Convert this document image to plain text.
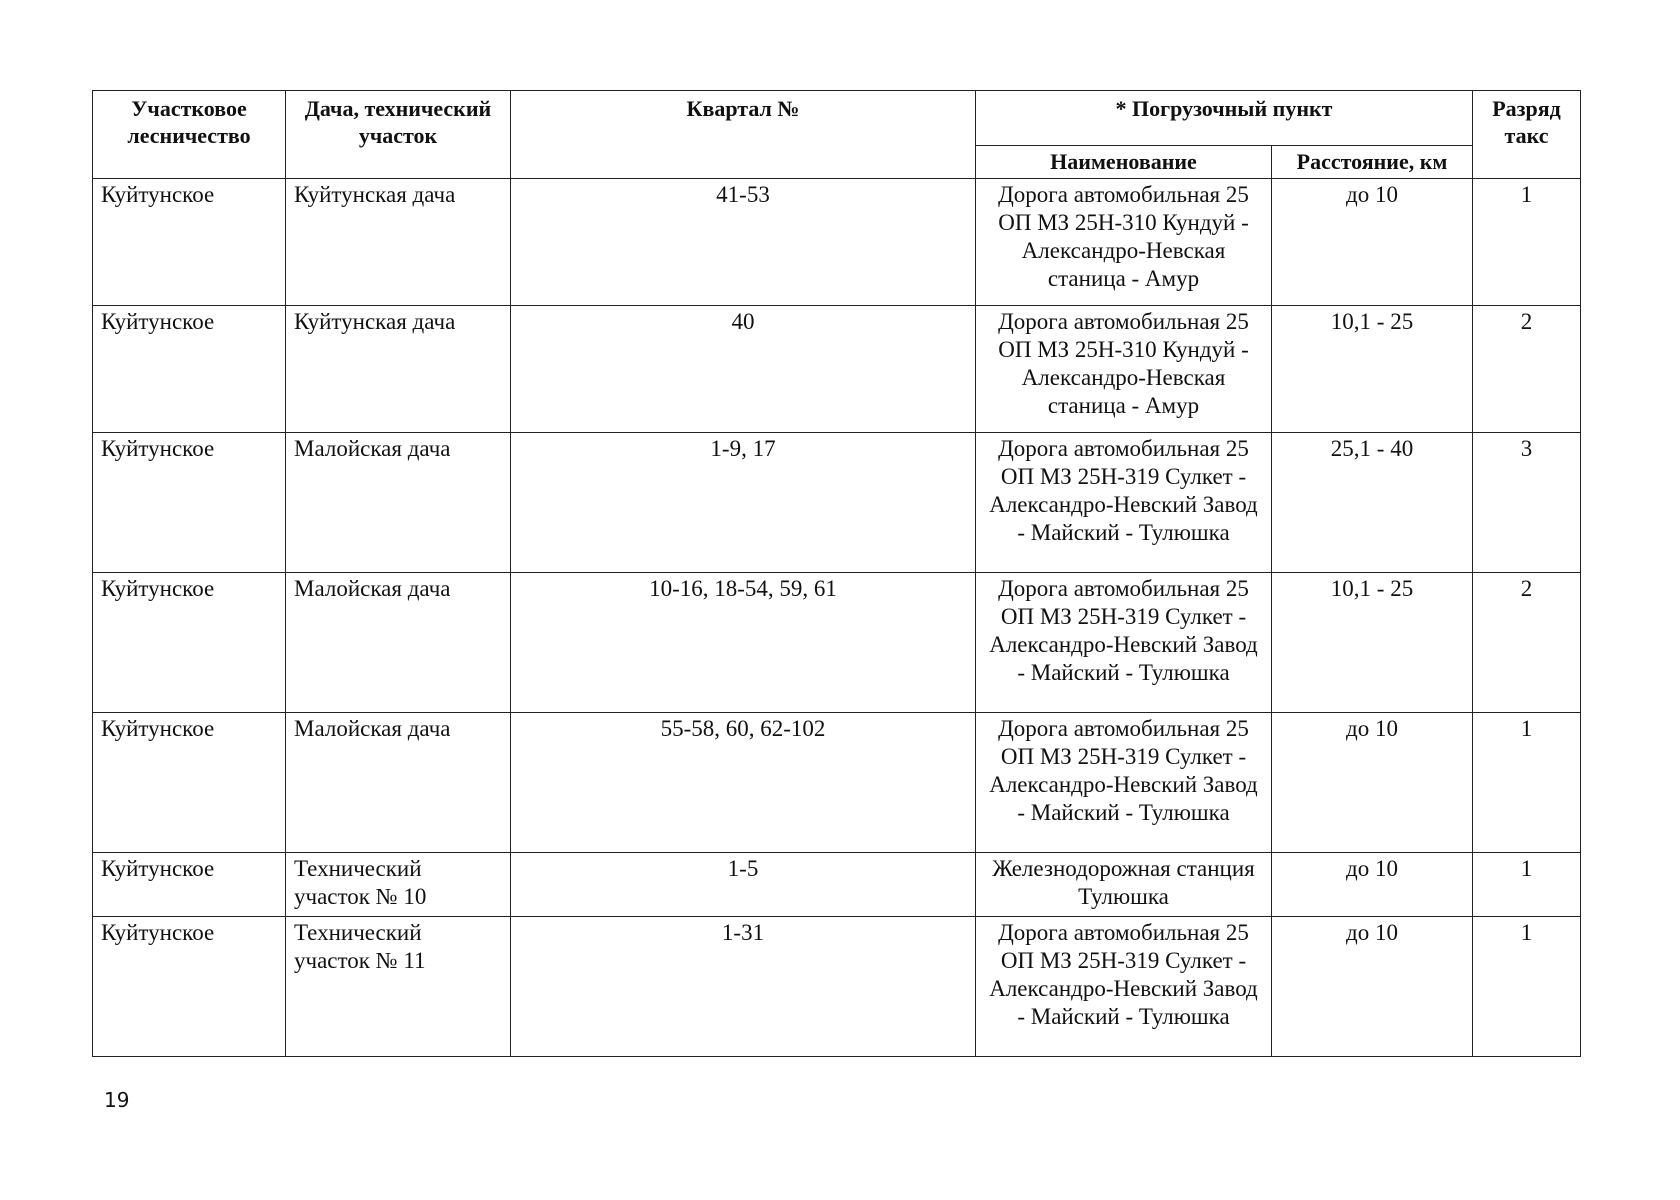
Участковое лесничество	Дача, технический участок	Квартал №	* Погрузочный пункт		Разряд такс
			Наименование	Расстояние, км	
Куйтунское	Куйтунская дача	41-53	Дорога автомобильная 25 ОП МЗ 25Н-310 Кундуй - Александро-Невская станица - Амур	до 10	1
Куйтунское	Куйтунская дача	40	Дорога автомобильная 25 ОП МЗ 25Н-310 Кундуй - Александро-Невская станица - Амур	10,1 - 25	2
Куйтунское	Малойская дача	1-9, 17	Дорога автомобильная 25 ОП МЗ 25Н-319 Сулкет - Александро-Невский Завод - Майский - Тулюшка	25,1 - 40	3
Куйтунское	Малойская дача	10-16, 18-54, 59, 61	Дорога автомобильная 25 ОП МЗ 25Н-319 Сулкет - Александро-Невский Завод - Майский - Тулюшка	10,1 - 25	2
Куйтунское	Малойская дача	55-58, 60, 62-102	Дорога автомобильная 25 ОП МЗ 25Н-319 Сулкет - Александро-Невский Завод - Майский - Тулюшка	до 10	1
Куйтунское	Технический участок № 10	1-5	Железнодорожная станция Тулюшка	до 10	1
Куйтунское	Технический участок № 11	1-31	Дорога автомобильная 25 ОП МЗ 25Н-319 Сулкет - Александро-Невский Завод - Майский - Тулюшка	до 10	1
19
